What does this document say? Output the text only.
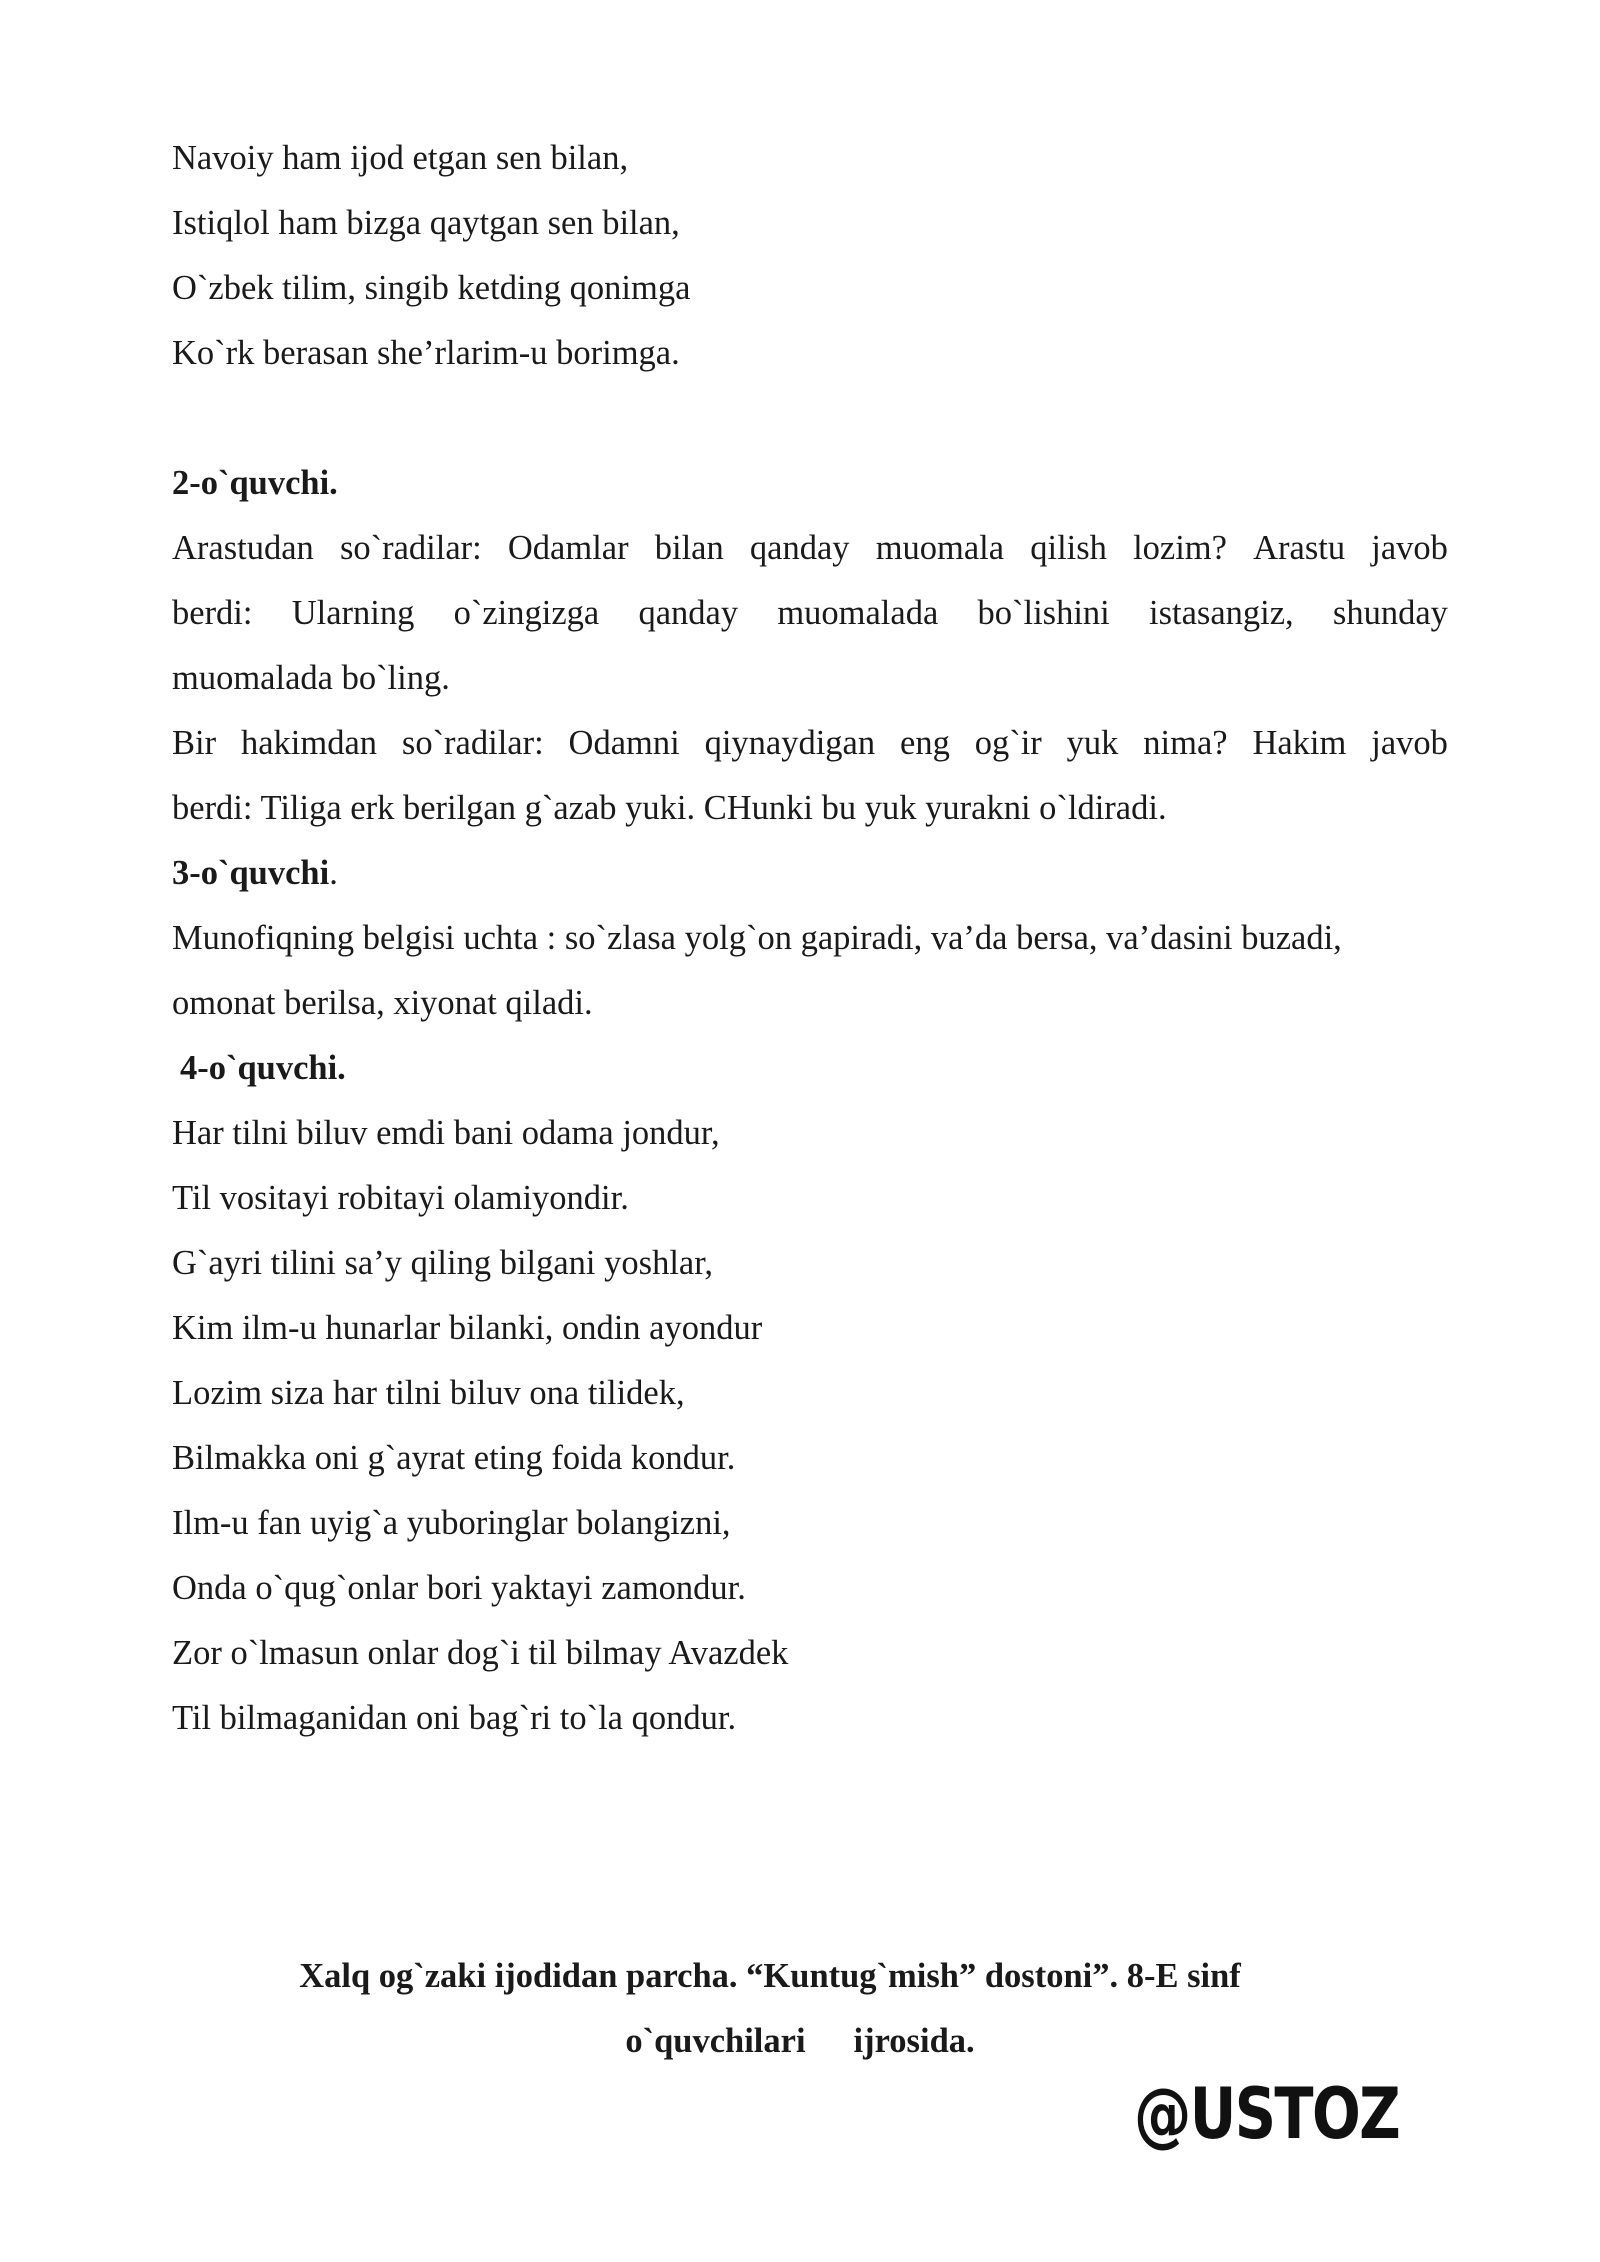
Navoiy ham ijod etgan sen bilan,
Istiqlol ham bizga qaytgan sen bilan,
O`zbek tilim, singib ketding qonimga
Ko`rk berasan she’rlarim-u borimga.
2-o`quvchi.
Arastudan so`radilar: Odamlar bilan qanday muomala qilish lozim? Arastu javob
berdi: Ularning o`zingizga qanday muomalada bo`lishini istasangiz, shunday
muomalada bo`ling.
Bir hakimdan so`radilar: Odamni qiynaydigan eng og`ir yuk nima? Hakim javob
berdi: Tiliga erk berilgan g`azab yuki. CHunki bu yuk yurakni o`ldiradi.
3-o`quvchi.
Munofiqning belgisi uchta : so`zlasa yolg`on gapiradi, va’da bersa, va’dasini buzadi,
omonat berilsa, xiyonat qiladi.
4-o`quvchi.
Har tilni biluv emdi bani odama jondur,
Til vositayi robitayi olamiyondir.
G`ayri tilini sa’y qiling bilgani yoshlar,
Kim ilm-u hunarlar bilanki, ondin ayondur
Lozim siza har tilni biluv ona tilidek,
Bilmakka oni g`ayrat eting foida kondur.
Ilm-u fan uyig`a yuboringlar bolangizni,
Onda o`qug`onlar bori yaktayi zamondur.
Zor o`lmasun onlar dog`i til bilmay Avazdek
Til bilmaganidan oni bag`ri to`la qondur.
Xalq og`zaki ijodidan parcha. “Kuntug`mish” dostoni”. 8-E sinf
o`quvchilari ijrosida.
@USTOZ
